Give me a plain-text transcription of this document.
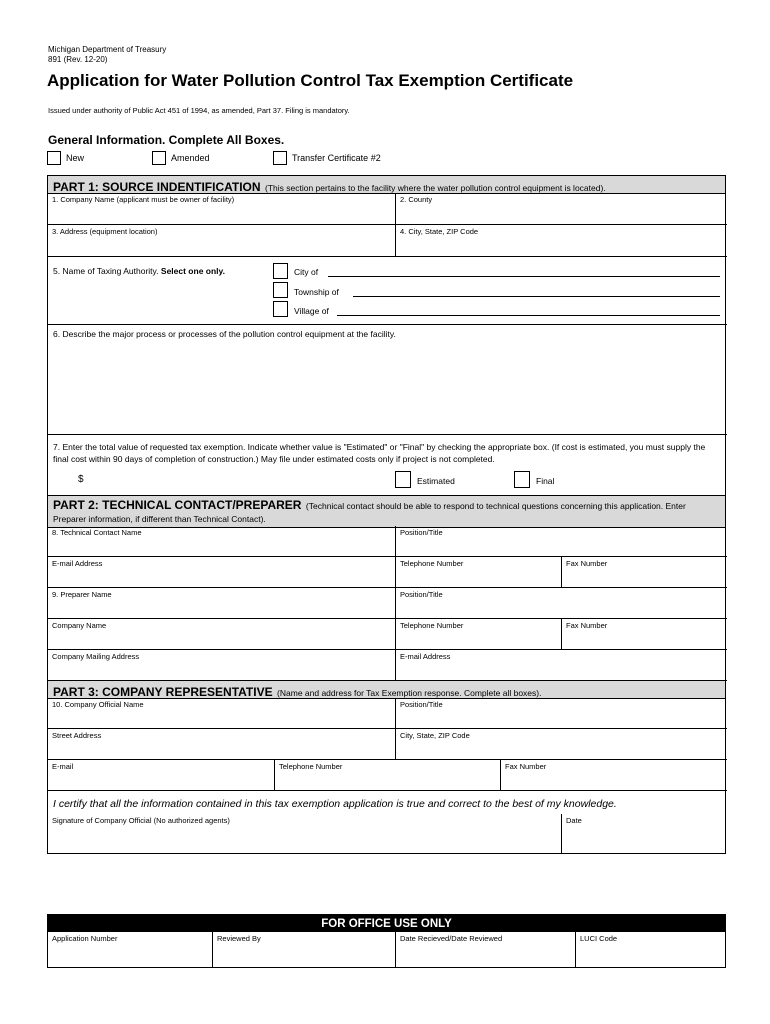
Michigan Department of Treasury
891 (Rev. 12-20)
Application for Water Pollution Control Tax Exemption Certificate
Issued under authority of Public Act 451 of 1994, as amended, Part 37. Filing is mandatory.
General Information. Complete All Boxes.
New	Amended	Transfer Certificate #2
PART 1: SOURCE INDENTIFICATION (This section pertains to the facility where the water pollution control equipment is located).
1. Company Name (applicant must be owner of facility)	2. County
3. Address (equipment location)	4. City, State, ZIP Code
5. Name of Taxing Authority. Select one only.	City of
Township of
Village of
6. Describe the major process or processes of the pollution control equipment at the facility.
7. Enter the total value of requested tax exemption. Indicate whether value is "Estimated" or "Final" by checking the appropriate box. (If cost is estimated, you must supply the final cost within 90 days of completion of construction.) May file under estimated costs only if project is not completed.
$	Estimated	Final
PART 2: TECHNICAL CONTACT/PREPARER (Technical contact should be able to respond to technical questions concerning this application. Enter Preparer information, if different than Technical Contact).
8. Technical Contact Name	Position/Title
E-mail Address	Telephone Number	Fax Number
9. Preparer Name	Position/Title
Company Name	Telephone Number	Fax Number
Company Mailing Address	E-mail Address
PART 3: COMPANY REPRESENTATIVE (Name and address for Tax Exemption response. Complete all boxes).
10. Company Official Name	Position/Title
Street Address	City, State, ZIP Code
E-mail	Telephone Number	Fax Number
I certify that all the information contained in this tax exemption application is true and correct to the best of my knowledge.
Signature of Company Official (No authorized agents)	Date
FOR OFFICE USE ONLY
Application Number	Reviewed By	Date Recieved/Date Reviewed	LUCI Code
